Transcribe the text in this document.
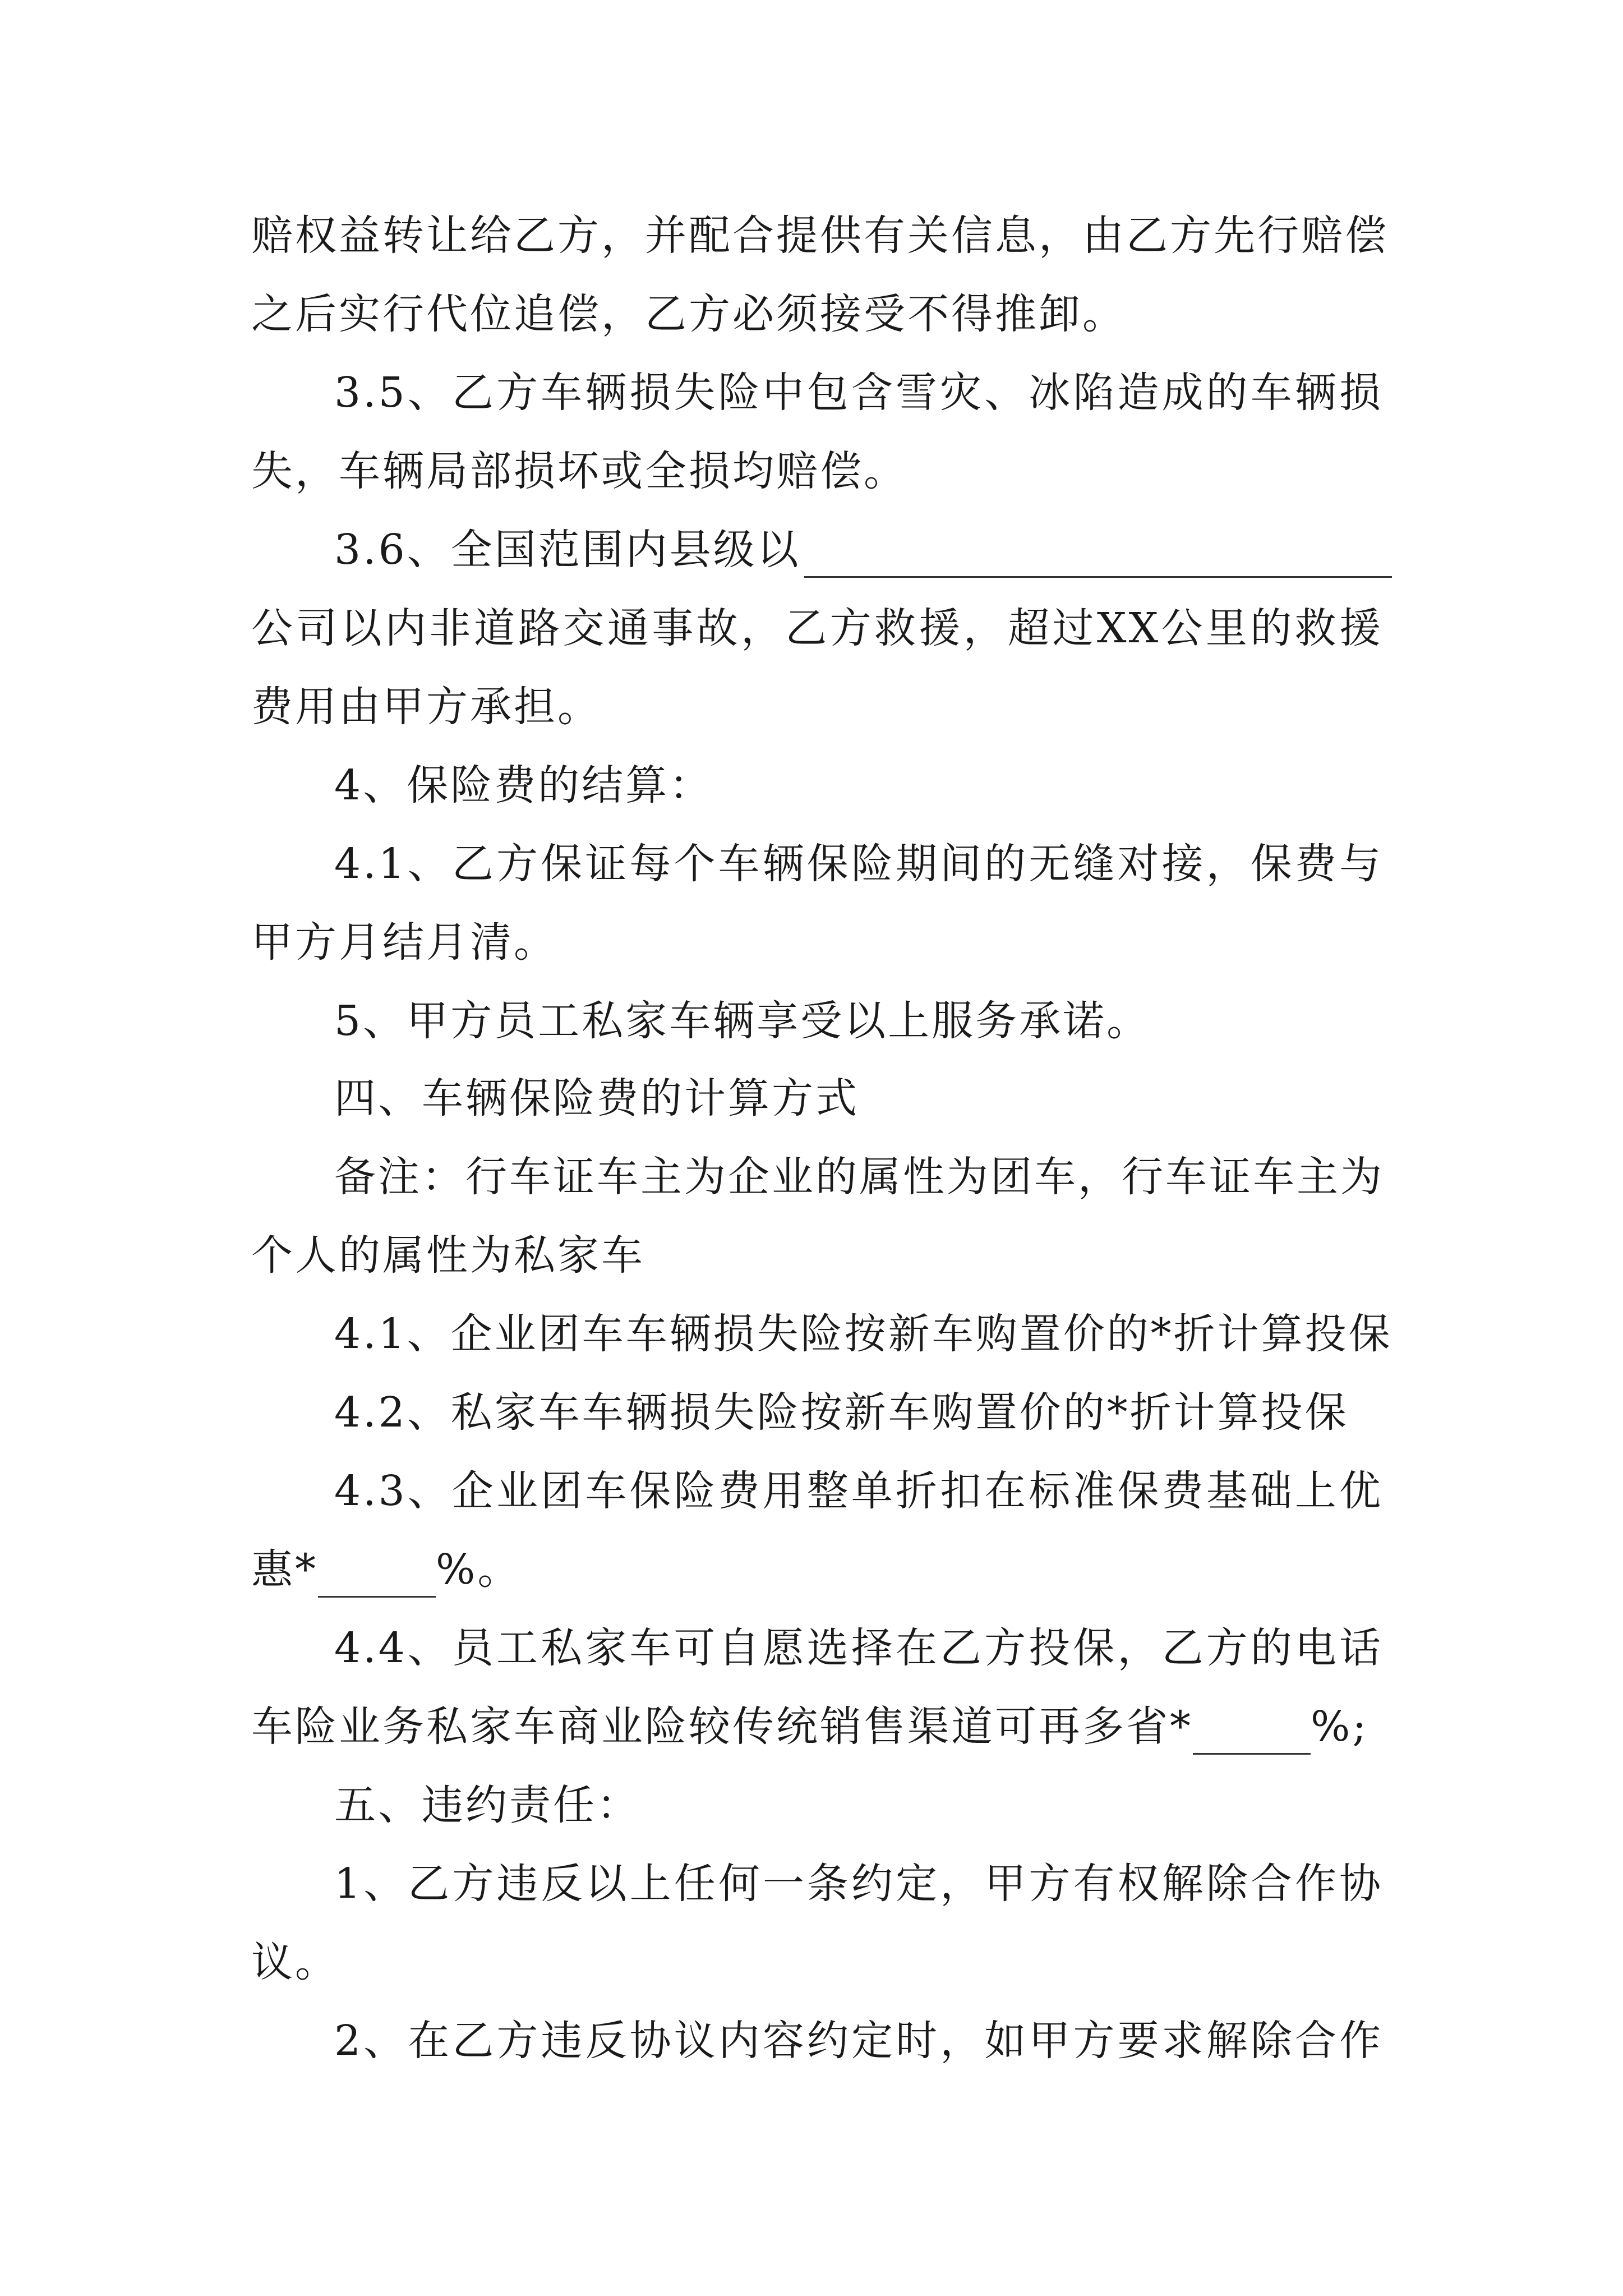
赔权益转让给乙方，并配合提供有关信息，由乙方先行赔偿
之后实行代位追偿，乙方必须接受不得推卸。
3.5、乙方车辆损失险中包含雪灾、冰陷造成的车辆损
失，车辆局部损坏或全损均赔偿。
3.6、全国范围内县级以
公司以内非道路交通事故，乙方救援，超过XX公里的救援
费用由甲方承担。
4、保险费的结算：
4.1、乙方保证每个车辆保险期间的无缝对接，保费与
甲方月结月清。
5、甲方员工私家车辆享受以上服务承诺。
四、车辆保险费的计算方式
备注：行车证车主为企业的属性为团车，行车证车主为
个人的属性为私家车
4.1、企业团车车辆损失险按新车购置价的*折计算投保
4.2、私家车车辆损失险按新车购置价的*折计算投保
4.3、企业团车保险费用整单折扣在标准保费基础上优
惠*	%。
4.4、员工私家车可自愿选择在乙方投保，乙方的电话
车险业务私家车商业险较传统销售渠道可再多省*	%;
五、违约责任：
1、乙方违反以上任何一条约定，甲方有权解除合作协
议。
2、在乙方违反协议内容约定时，如甲方要求解除合作
